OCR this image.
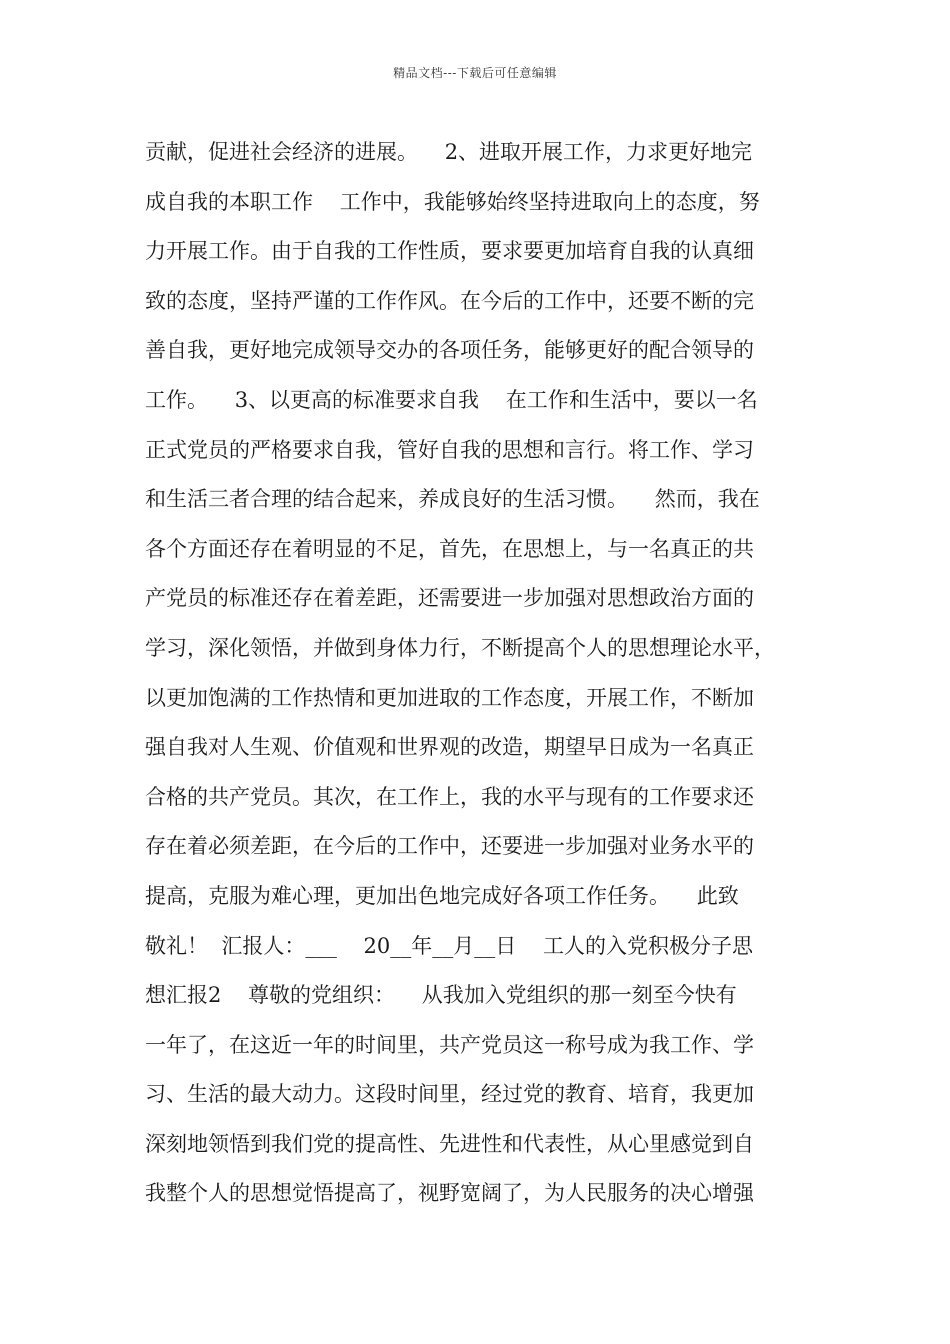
精品文档---下载后可任意编辑
贡献，促进社会经济的进展。    2、进取开展工作，力求更好地完
成自我的本职工作    工作中，我能够始终坚持进取向上的态度，努
力开展工作。由于自我的工作性质，要求要更加培育自我的认真细
致的态度，坚持严谨的工作作风。在今后的工作中，还要不断的完
善自我，更好地完成领导交办的各项任务，能够更好的配合领导的
工作。    3、以更高的标准要求自我    在工作和生活中，要以一名
正式党员的严格要求自我，管好自我的思想和言行。将工作、学习
和生活三者合理的结合起来，养成良好的生活习惯。    然而，我在
各个方面还存在着明显的不足，首先，在思想上，与一名真正的共
产党员的标准还存在着差距，还需要进一步加强对思想政治方面的
学习，深化领悟，并做到身体力行，不断提高个人的思想理论水平，
以更加饱满的工作热情和更加进取的工作态度，开展工作，不断加
强自我对人生观、价值观和世界观的改造，期望早日成为一名真正
合格的共产党员。其次，在工作上，我的水平与现有的工作要求还
存在着必须差距，在今后的工作中，还要进一步加强对业务水平的
提高，克服为难心理，更加出色地完成好各项工作任务。    此致
敬礼！  汇报人：___    20__年__月__日    工人的入党积极分子思
想汇报2    尊敬的党组织：    从我加入党组织的那一刻至今快有
一年了，在这近一年的时间里，共产党员这一称号成为我工作、学
习、生活的最大动力。这段时间里，经过党的教育、培育，我更加
深刻地领悟到我们党的提高性、先进性和代表性，从心里感觉到自
我整个人的思想觉悟提高了，视野宽阔了，为人民服务的决心增强
